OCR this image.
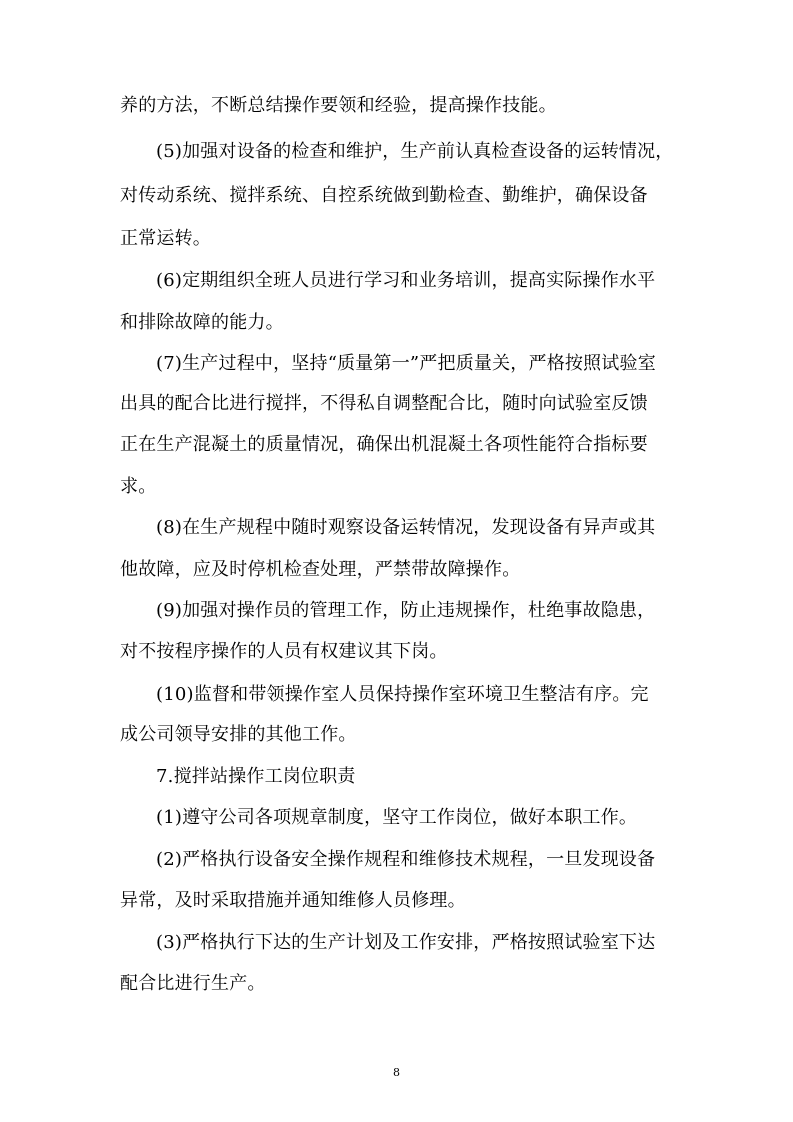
养的方法，不断总结操作要领和经验，提高操作技能。
(5)加强对设备的检查和维护，生产前认真检查设备的运转情况，
对传动系统、搅拌系统、自控系统做到勤检查、勤维护，确保设备
正常运转。
(6)定期组织全班人员进行学习和业务培训，提高实际操作水平
和排除故障的能力。
(7)生产过程中，坚持“质量第一”严把质量关，严格按照试验室
出具的配合比进行搅拌，不得私自调整配合比，随时向试验室反馈
正在生产混凝土的质量情况，确保出机混凝土各项性能符合指标要
求。
(8)在生产规程中随时观察设备运转情况，发现设备有异声或其
他故障，应及时停机检查处理，严禁带故障操作。
(9)加强对操作员的管理工作，防止违规操作，杜绝事故隐患，
对不按程序操作的人员有权建议其下岗。
(10)监督和带领操作室人员保持操作室环境卫生整洁有序。完
成公司领导安排的其他工作。
7.搅拌站操作工岗位职责
(1)遵守公司各项规章制度，坚守工作岗位，做好本职工作。
(2)严格执行设备安全操作规程和维修技术规程，一旦发现设备
异常，及时采取措施并通知维修人员修理。
(3)严格执行下达的生产计划及工作安排，严格按照试验室下达
配合比进行生产。
8
